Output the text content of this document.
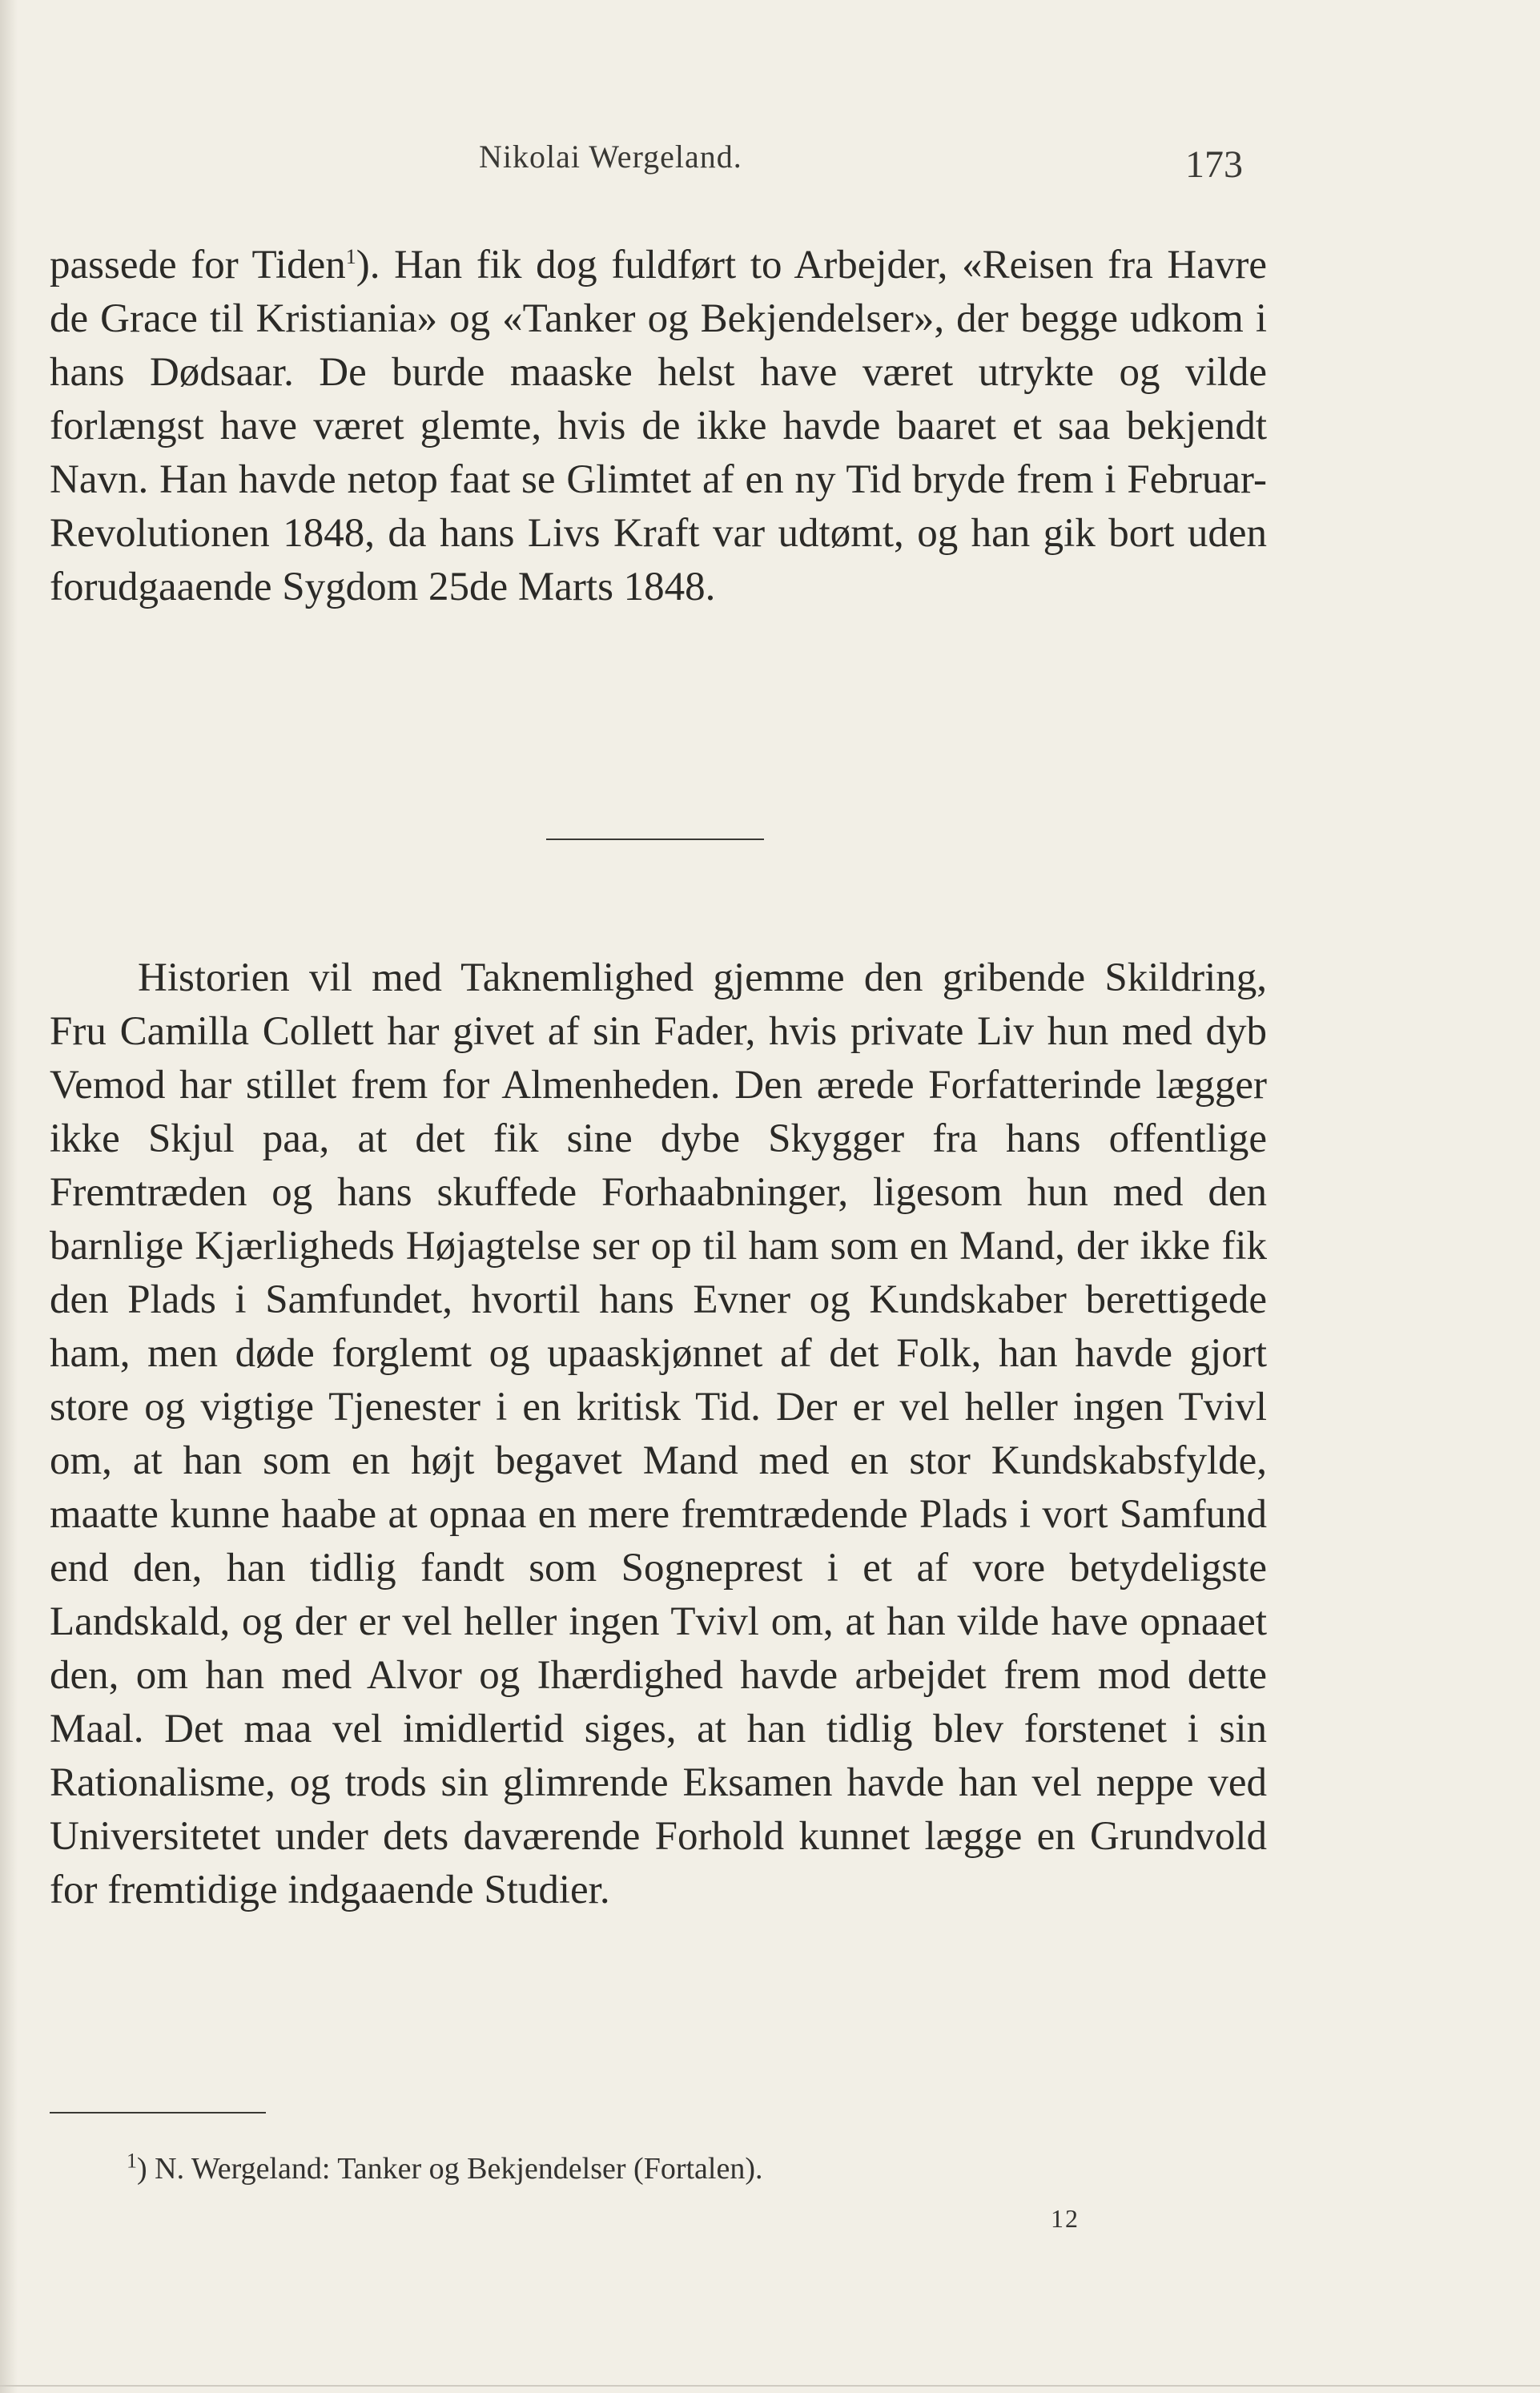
Nikolai Wergeland.	173
passede for Tiden$^1$). Han fik dog fuldført to Arbejder, «Reisen fra Havre de Grace til Kristiania» og «Tanker og Bekjendelser», der begge udkom i hans Dødsaar. De burde maaske helst have været utrykte og vilde forlængst have været glemte, hvis de ikke havde baaret et saa bekjendt Navn. Han havde netop faat se Glimtet af en ny Tid bryde frem i Februar-Revolutionen 1848, da hans Livs Kraft var udtømt, og han gik bort uden forudgaaende Sygdom 25de Marts 1848.
Historien vil med Taknemlighed gjemme den gribende Skildring, Fru Camilla Collett har givet af sin Fader, hvis private Liv hun med dyb Vemod har stillet frem for Almenheden. Den ærede Forfatterinde lægger ikke Skjul paa, at det fik sine dybe Skygger fra hans offentlige Fremtræden og hans skuffede Forhaabninger, ligesom hun med den barnlige Kjærligheds Højagtelse ser op til ham som en Mand, der ikke fik den Plads i Samfundet, hvortil hans Evner og Kundskaber berettigede ham, men døde forglemt og upaaskjønnet af det Folk, han havde gjort store og vigtige Tjenester i en kritisk Tid. Der er vel heller ingen Tvivl om, at han som en højt begavet Mand med en stor Kundskabsfylde, maatte kunne haabe at opnaa en mere fremtrædende Plads i vort Samfund end den, han tidlig fandt som Sogneprest i et af vore betydeligste Landskald, og der er vel heller ingen Tvivl om, at han vilde have opnaaet den, om han med Alvor og Ihærdighed havde arbejdet frem mod dette Maal. Det maa vel imidlertid siges, at han tidlig blev forstenet i sin Rationalisme, og trods sin glimrende Eksamen havde han vel neppe ved Universitetet under dets daværende Forhold kunnet lægge en Grundvold for fremtidige indgaaende Studier.
$^1$) N. Wergeland: Tanker og Bekjendelser (Fortalen).
12
